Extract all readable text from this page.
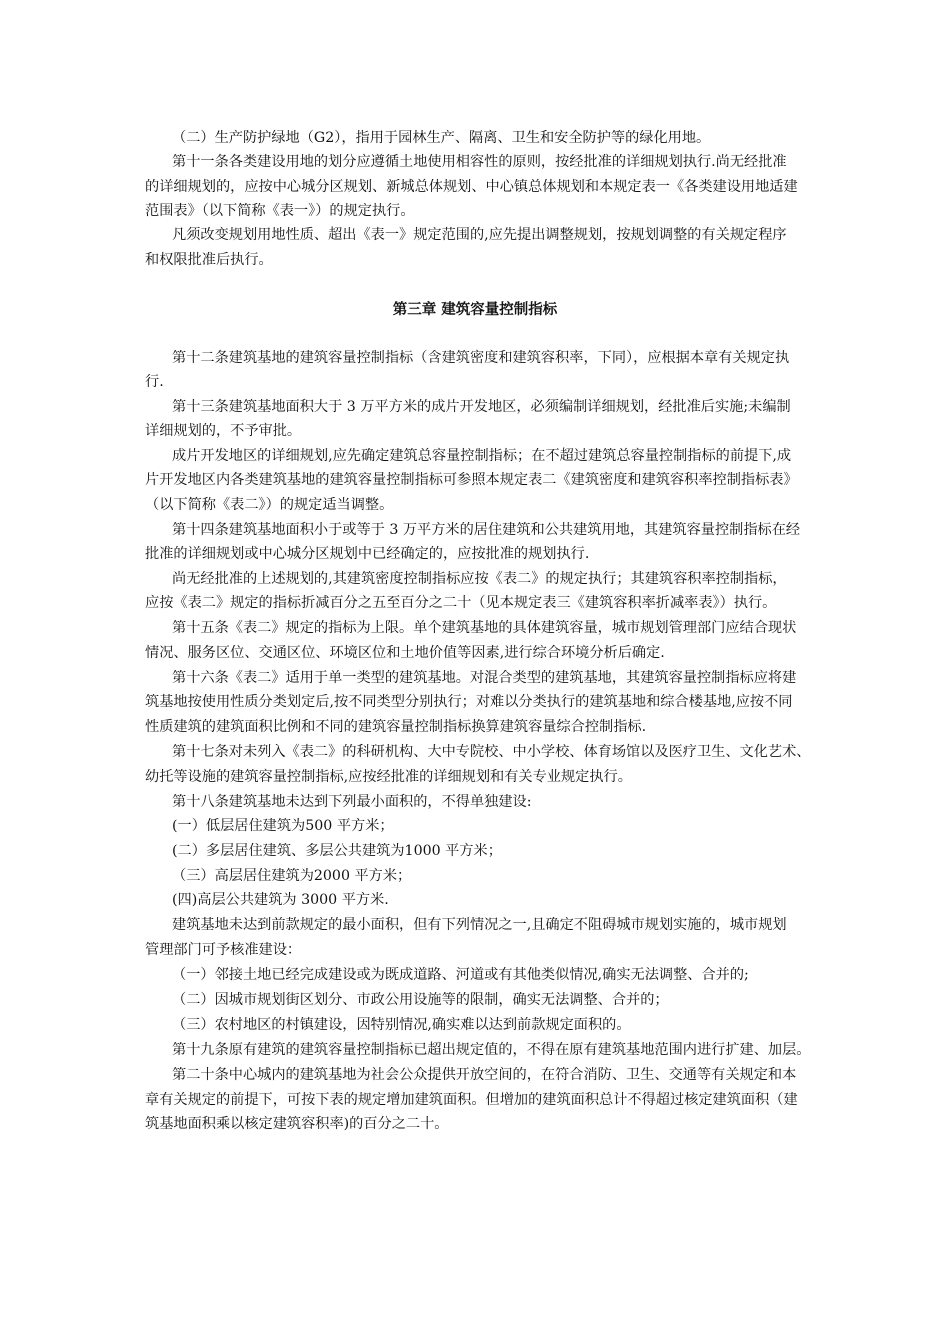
（二）生产防护绿地（G2），指用于园林生产、隔离、卫生和安全防护等的绿化用地。
第十一条各类建设用地的划分应遵循土地使用相容性的原则，按经批准的详细规划执行.尚无经批准
的详细规划的，应按中心城分区规划、新城总体规划、中心镇总体规划和本规定表一《各类建设用地适建
范围表》（以下简称《表一》）的规定执行。
凡须改变规划用地性质、超出《表一》规定范围的,应先提出调整规划，按规划调整的有关规定程序
和权限批准后执行。
第三章 建筑容量控制指标
第十二条建筑基地的建筑容量控制指标（含建筑密度和建筑容积率，下同），应根据本章有关规定执
行.
第十三条建筑基地面积大于 3 万平方米的成片开发地区，必须编制详细规划，经批准后实施;未编制
详细规划的，不予审批。
成片开发地区的详细规划,应先确定建筑总容量控制指标；在不超过建筑总容量控制指标的前提下,成
片开发地区内各类建筑基地的建筑容量控制指标可参照本规定表二《建筑密度和建筑容积率控制指标表》
（以下简称《表二》）的规定适当调整。
第十四条建筑基地面积小于或等于 3 万平方米的居住建筑和公共建筑用地，其建筑容量控制指标在经
批准的详细规划或中心城分区规划中已经确定的，应按批准的规划执行.
尚无经批准的上述规划的,其建筑密度控制指标应按《表二》的规定执行；其建筑容积率控制指标，
应按《表二》规定的指标折减百分之五至百分之二十（见本规定表三《建筑容积率折减率表》）执行。
第十五条《表二》规定的指标为上限。单个建筑基地的具体建筑容量，城市规划管理部门应结合现状
情况、服务区位、交通区位、环境区位和土地价值等因素,进行综合环境分析后确定.
第十六条《表二》适用于单一类型的建筑基地。对混合类型的建筑基地，其建筑容量控制指标应将建
筑基地按使用性质分类划定后,按不同类型分别执行；对难以分类执行的建筑基地和综合楼基地,应按不同
性质建筑的建筑面积比例和不同的建筑容量控制指标换算建筑容量综合控制指标.
第十七条对未列入《表二》的科研机构、大中专院校、中小学校、体育场馆以及医疗卫生、文化艺术、
幼托等设施的建筑容量控制指标,应按经批准的详细规划和有关专业规定执行。
第十八条建筑基地未达到下列最小面积的，不得单独建设:
(一）低层居住建筑为500 平方米；
(二）多层居住建筑、多层公共建筑为1000 平方米；
（三）高层居住建筑为2000 平方米；
(四)高层公共建筑为 3000 平方米.
建筑基地未达到前款规定的最小面积，但有下列情况之一,且确定不阻碍城市规划实施的，城市规划
管理部门可予核准建设：
（一）邻接土地已经完成建设或为既成道路、河道或有其他类似情况,确实无法调整、合并的;
（二）因城市规划街区划分、市政公用设施等的限制，确实无法调整、合并的；
（三）农村地区的村镇建设，因特别情况,确实难以达到前款规定面积的。
第十九条原有建筑的建筑容量控制指标已超出规定值的，不得在原有建筑基地范围内进行扩建、加层。
第二十条中心城内的建筑基地为社会公众提供开放空间的，在符合消防、卫生、交通等有关规定和本
章有关规定的前提下，可按下表的规定增加建筑面积。但增加的建筑面积总计不得超过核定建筑面积（建
筑基地面积乘以核定建筑容积率)的百分之二十。
